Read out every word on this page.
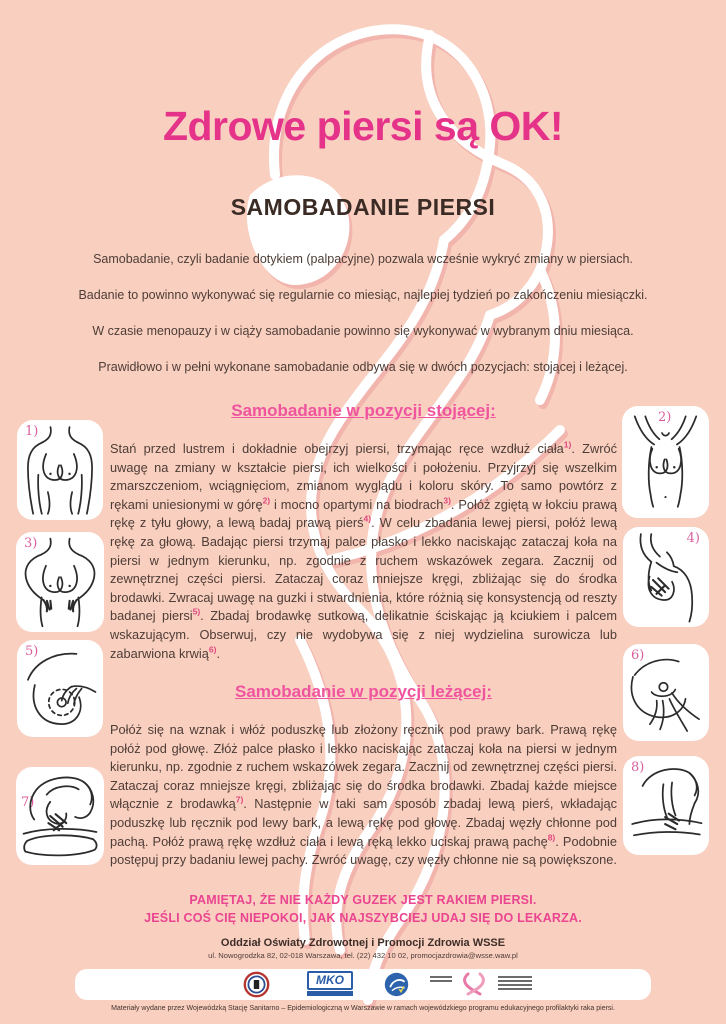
Zdrowe piersi są OK!
SAMOBADANIE PIERSI

Samobadanie, czyli badanie dotykiem (palpacyjne) pozwala wcześnie wykryć zmiany w piersiach.

Badanie to powinno wykonywać się regularnie co miesiąc, najlepiej tydzień po zakończeniu miesiączki.

W czasie menopauzy i w ciąży samobadanie powinno się wykonywać w wybranym dniu miesiąca.

Prawidłowo i w pełni wykonane samobadanie odbywa się w dwóch pozycjach: stojącej i leżącej.

Samobadanie w pozycji stojącej:
Stań przed lustrem i dokładnie obejrzyj piersi, trzymając ręce wzdłuż ciała$^{1)}$. Zwróć uwagę na zmiany w kształcie piersi, ich wielkości i położeniu. Przyjrzyj się wszelkim zmarszczeniom, wciągnięciom, zmianom wyglądu i koloru skóry. To samo powtórz z rękami uniesionymi w górę$^{2)}$ i mocno opartymi na biodrach$^{3)}$. Połóż zgiętą w łokciu prawą rękę z tyłu głowy, a lewą badaj prawą pierś$^{4)}$. W celu zbadania lewej piersi, połóż lewą rękę za głową. Badając piersi trzymaj palce płasko i lekko naciskając zataczaj koła na piersi w jednym kierunku, np. zgodnie z ruchem wskazówek zegara. Zacznij od zewnętrznej części piersi. Zataczaj coraz mniejsze kręgi, zbliżając się do środka brodawki. Zwracaj uwagę na guzki i stwardnienia, które różnią się konsystencją od reszty badanej piersi$^{5)}$. Zbadaj brodawkę sutkową, delikatnie ściskając ją kciukiem i palcem wskazującym. Obserwuj, czy nie wydobywa się z niej wydzielina surowicza lub zabarwiona krwią$^{6)}$.
Samobadanie w pozycji leżącej:
Połóż się na wznak i włóż poduszkę lub złożony ręcznik pod prawy bark. Prawą rękę połóż pod głowę. Złóż palce płasko i lekko naciskając zataczaj koła na piersi w jednym kierunku, np. zgodnie z ruchem wskazówek zegara. Zacznij od zewnętrznej części piersi. Zataczaj coraz mniejsze kręgi, zbliżając się do środka brodawki. Zbadaj każde miejsce włącznie z brodawką$^{7)}$. Następnie w taki sam sposób zbadaj lewą pierś, wkładając poduszkę lub ręcznik pod lewy bark, a lewą rękę pod głowę. Zbadaj węzły chłonne pod pachą. Połóż prawą rękę wzdłuż ciała i lewą ręką lekko uciskaj prawą pachę$^{8)}$. Podobnie postępuj przy badaniu lewej pachy. Zwróć uwagę, czy węzły chłonne nie są powiększone.
1)
3)
5)
7)
2)
4)
6)
8)
PAMIĘTAJ, ŻE NIE KAŻDY GUZEK JEST RAKIEM PIERSI.
JEŚLI COŚ CIĘ NIEPOKOI, JAK NAJSZYBCIEJ UDAJ SIĘ DO LEKARZA.
Oddział Oświaty Zdrowotnej i Promocji Zdrowia WSSE
ul. Nowogrodzka 82, 02-018 Warszawa, tel. (22) 432 10 02, promocjazdrowia@wsse.waw.pl
MKO
Materiały wydane przez Wojewódzką Stację Sanitarno – Epidemiologiczną w Warszawie w ramach wojewódzkiego programu edukacyjnego profilaktyki raka piersi.
